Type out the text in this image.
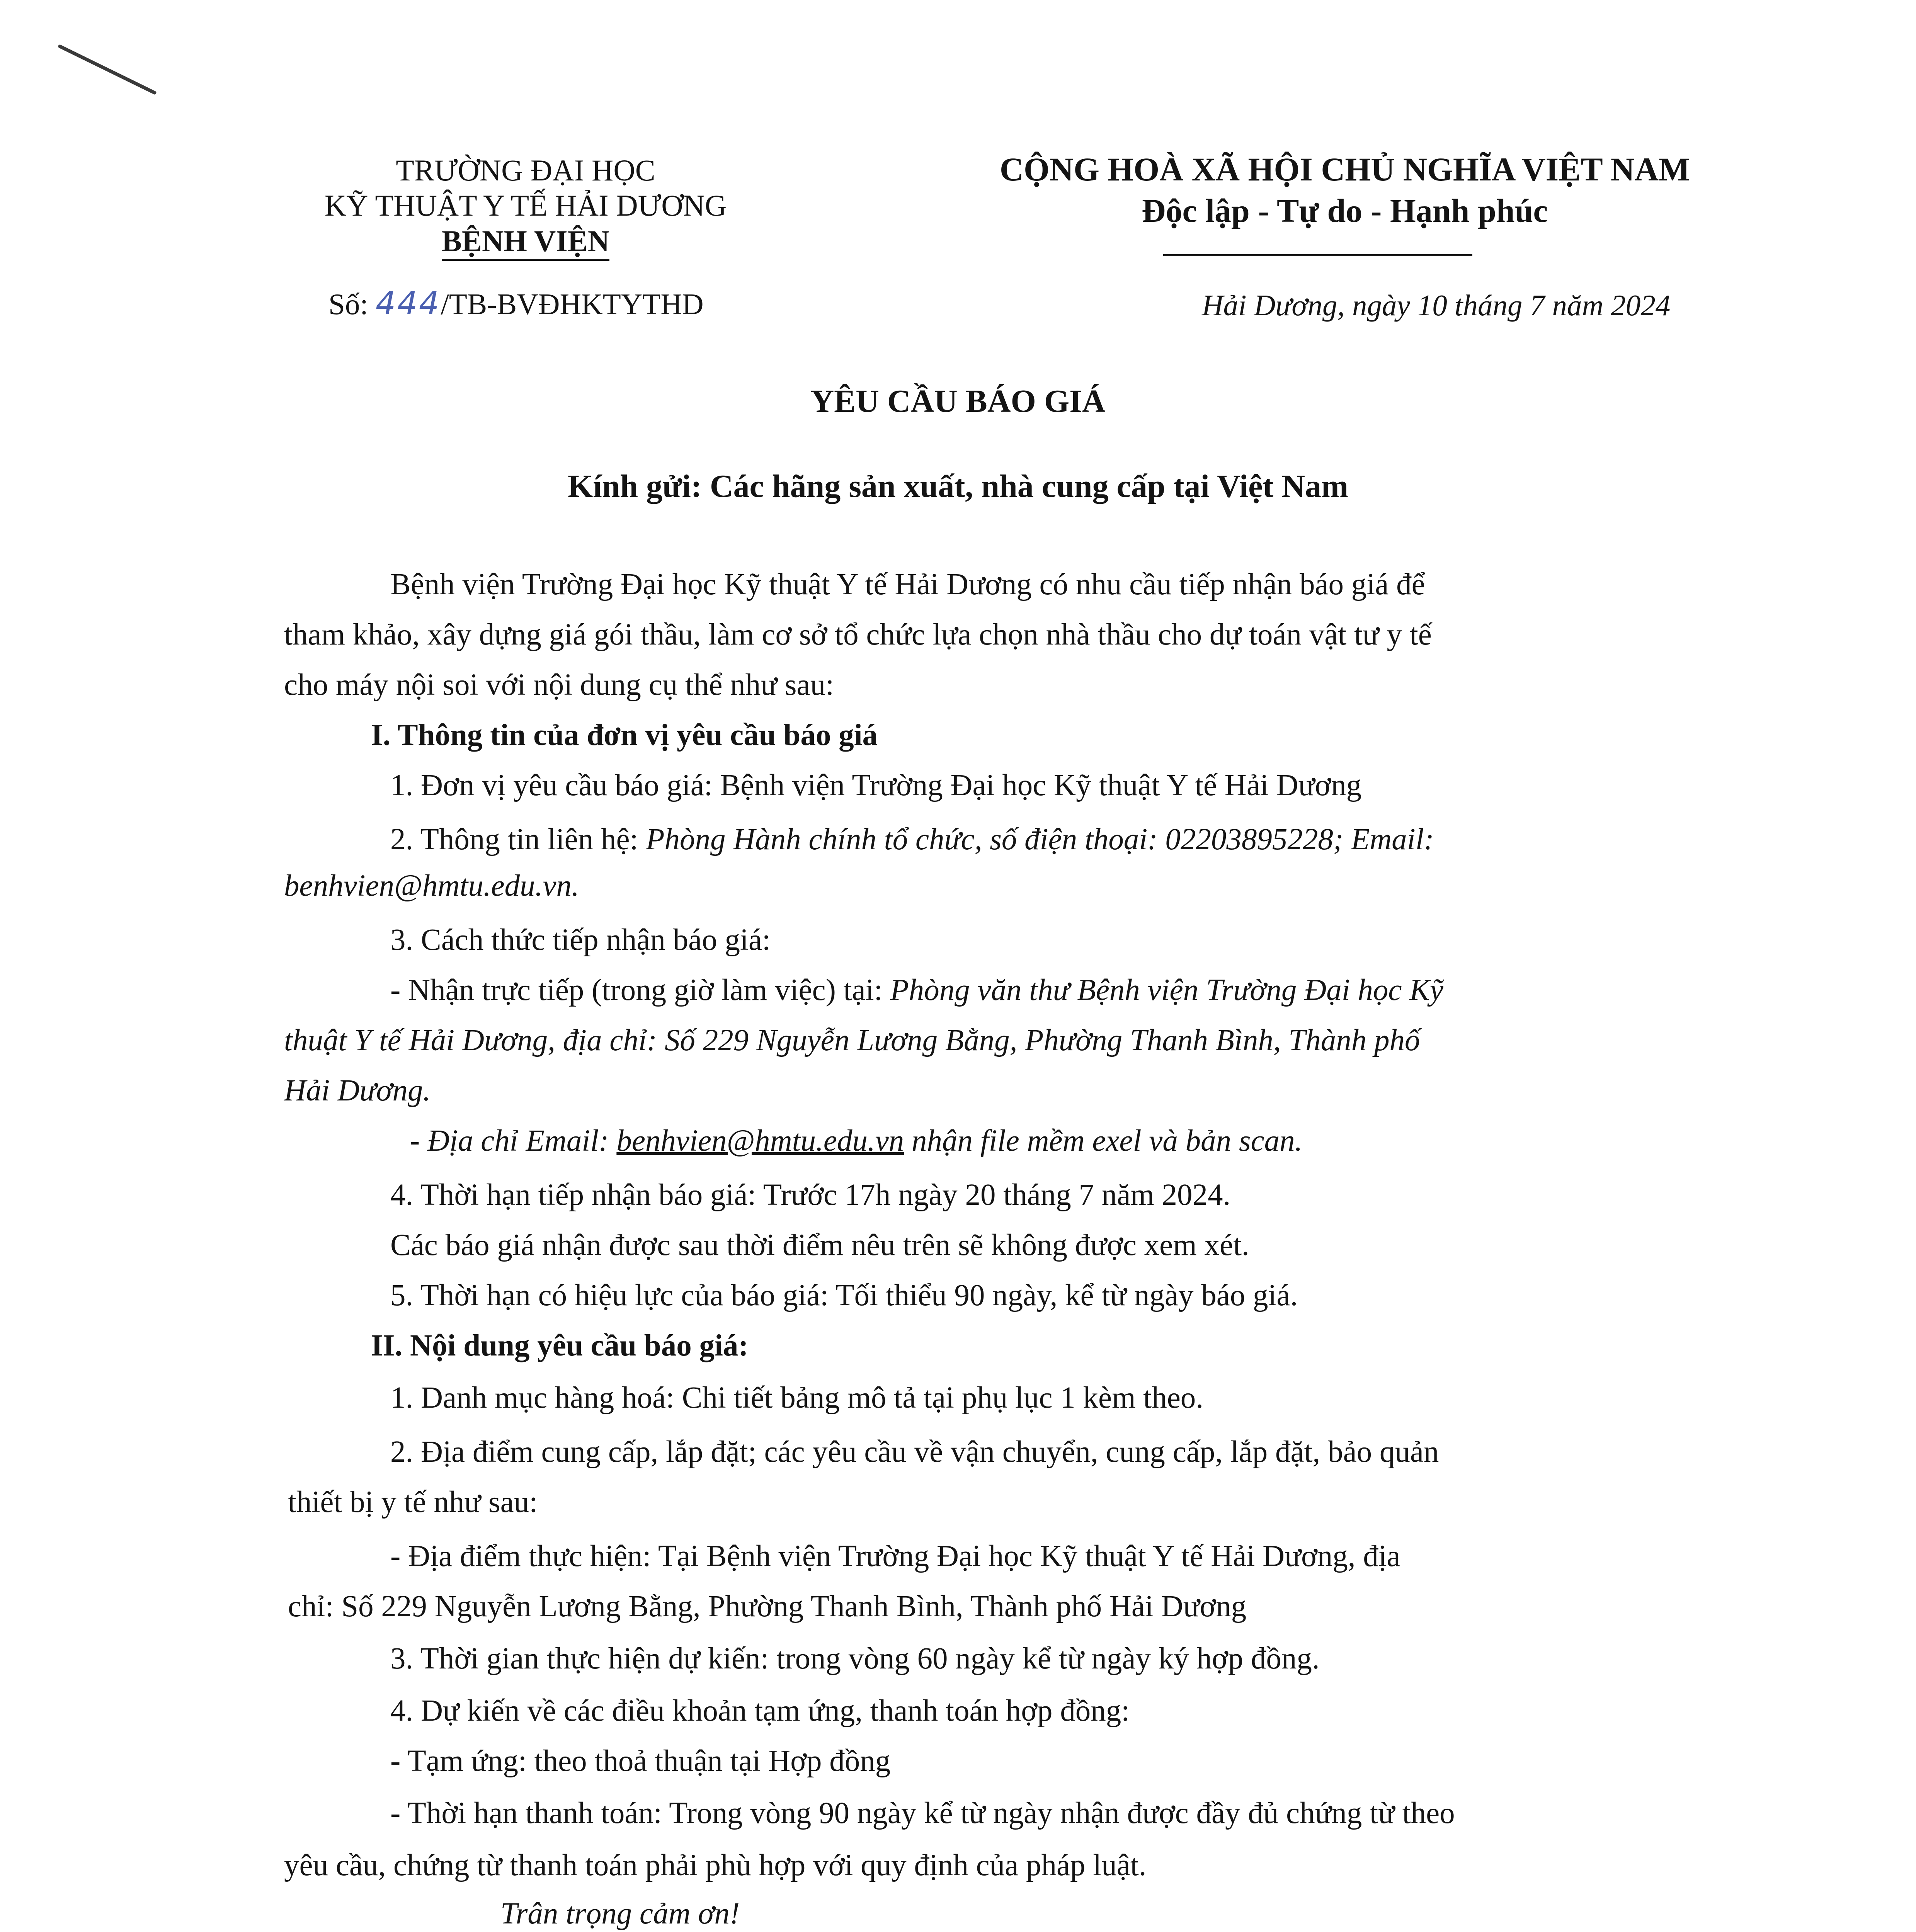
TRƯỜNG ĐẠI HỌC
KỸ THUẬT Y TẾ HẢI DƯƠNG
BỆNH VIỆN
CỘNG HOÀ XÃ HỘI CHỦ NGHĨA VIỆT NAM
Độc lập - Tự do - Hạnh phúc
Số: 444/TB-BVĐHKTYTHD	Hải Dương, ngày 10 tháng 7 năm 2024
YÊU CẦU BÁO GIÁ
Kính gửi: Các hãng sản xuất, nhà cung cấp tại Việt Nam
Bệnh viện Trường Đại học Kỹ thuật Y tế Hải Dương có nhu cầu tiếp nhận báo giá để
tham khảo, xây dựng giá gói thầu, làm cơ sở tổ chức lựa chọn nhà thầu cho dự toán vật tư y tế
cho máy nội soi với nội dung cụ thể như sau:
I. Thông tin của đơn vị yêu cầu báo giá
1. Đơn vị yêu cầu báo giá: Bệnh viện Trường Đại học Kỹ thuật Y tế Hải Dương
2. Thông tin liên hệ: Phòng Hành chính tổ chức, số điện thoại: 02203895228; Email:
benhvien@hmtu.edu.vn.
3. Cách thức tiếp nhận báo giá:
- Nhận trực tiếp (trong giờ làm việc) tại: Phòng văn thư Bệnh viện Trường Đại học Kỹ
thuật Y tế Hải Dương, địa chỉ: Số 229 Nguyễn Lương Bằng, Phường Thanh Bình, Thành phố
Hải Dương.
- Địa chỉ Email: benhvien@hmtu.edu.vn nhận file mềm exel và bản scan.
4. Thời hạn tiếp nhận báo giá: Trước 17h ngày 20 tháng 7 năm 2024.
Các báo giá nhận được sau thời điểm nêu trên sẽ không được xem xét.
5. Thời hạn có hiệu lực của báo giá: Tối thiểu 90 ngày, kể từ ngày báo giá.
II. Nội dung yêu cầu báo giá:
1. Danh mục hàng hoá: Chi tiết bảng mô tả tại phụ lục 1 kèm theo.
2. Địa điểm cung cấp, lắp đặt; các yêu cầu về vận chuyển, cung cấp, lắp đặt, bảo quản
thiết bị y tế như sau:
- Địa điểm thực hiện: Tại Bệnh viện Trường Đại học Kỹ thuật Y tế Hải Dương, địa
chỉ: Số 229 Nguyễn Lương Bằng, Phường Thanh Bình, Thành phố Hải Dương
3. Thời gian thực hiện dự kiến: trong vòng 60 ngày kể từ ngày ký hợp đồng.
4. Dự kiến về các điều khoản tạm ứng, thanh toán hợp đồng:
- Tạm ứng: theo thoả thuận tại Hợp đồng
- Thời hạn thanh toán: Trong vòng 90 ngày kể từ ngày nhận được đầy đủ chứng từ theo
yêu cầu, chứng từ thanh toán phải phù hợp với quy định của pháp luật.
Trân trọng cảm ơn!
